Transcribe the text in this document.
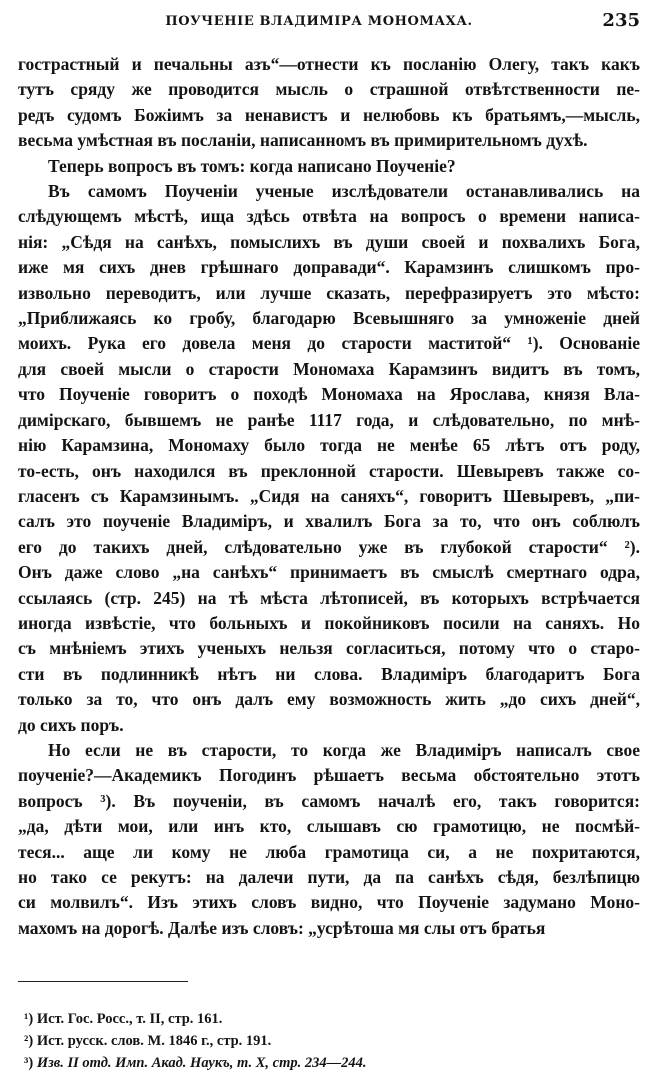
ПОУЧЕНІЕ ВЛАДИМІРА МОНОМАХА.	235
гострастный и печальны азъ“—отнести къ посланію Олегу, такъ какъ
тутъ сряду же проводится мысль о страшной отвѣтственности пе-
редъ судомъ Божіимъ за ненавистъ и нелюбовь къ братьямъ,—мысль,
весьма умѣстная въ посланіи, написанномъ въ примирительномъ духѣ.
Теперь вопросъ въ томъ: когда написано Поученіе?
Въ самомъ Поученіи ученые изслѣдователи останавливались на
слѣдующемъ мѣстѣ, ища здѣсь отвѣта на вопросъ о времени написа-
нія: „Сѣдя на санѣхъ, помыслихъ въ души своей и похвалихъ Бога,
иже мя сихъ днев грѣшнаго доправади“. Карамзинъ слишкомъ про-
извольно переводитъ, или лучше сказать, перефразируетъ это мѣсто:
„Приближаясь ко гробу, благодарю Всевышняго за умноженіе дней
моихъ. Рука его довела меня до старости маститой“ ¹). Основаніе
для своей мысли о старости Мономаха Карамзинъ видитъ въ томъ,
что Поученіе говоритъ о походѣ Мономаха на Ярослава, князя Вла-
димірскаго, бывшемъ не ранѣе 1117 года, и слѣдовательно, по мнѣ-
нію Карамзина, Мономаху было тогда не менѣе 65 лѣтъ отъ роду,
то-есть, онъ находился въ преклонной старости. Шевыревъ также со-
гласенъ съ Карамзинымъ. „Сидя на саняхъ“, говоритъ Шевыревъ, „пи-
салъ это поученіе Владиміръ, и хвалилъ Бога за то, что онъ соблюлъ
его до такихъ дней, слѣдовательно уже въ глубокой старости“ ²).
Онъ даже слово „на санѣхъ“ принимаетъ въ смыслѣ смертнаго одра,
ссылаясь (стр. 245) на тѣ мѣста лѣтописей, въ которыхъ встрѣчается
иногда извѣстіе, что больныхъ и покойниковъ посили на саняхъ. Но
съ мнѣніемъ этихъ ученыхъ нельзя согласиться, потому что о старо-
сти въ подлинникѣ нѣтъ ни слова. Владиміръ благодаритъ Бога
только за то, что онъ далъ ему возможность жить „до сихъ дней“,
до сихъ поръ.
Но если не въ старости, то когда же Владиміръ написалъ свое
поученіе?—Академикъ Погодинъ рѣшаетъ весьма обстоятельно этотъ
вопросъ ³). Въ поученіи, въ самомъ началѣ его, такъ говорится:
„да, дѣти мои, или инъ кто, слышавъ сю грамотицю, не посмѣй-
тeся... аще ли кому не люба грамотица си, а не похритаются,
но тако се рекутъ: на далечи пути, да па санѣхъ сѣдя, безлѣпицю
си молвилъ“. Изъ этихъ словъ видно, что Поученіе задумано Моно-
махомъ на дорогѣ. Далѣе изъ словъ: „усрѣтоша мя слы отъ братья
¹) Ист. Гос. Росс., т. II, стр. 161.
²) Ист. русск. слов. М. 1846 г., стр. 191.
³) Изв. II отд. Имп. Акад. Наукъ, т. X, стр. 234—244.
